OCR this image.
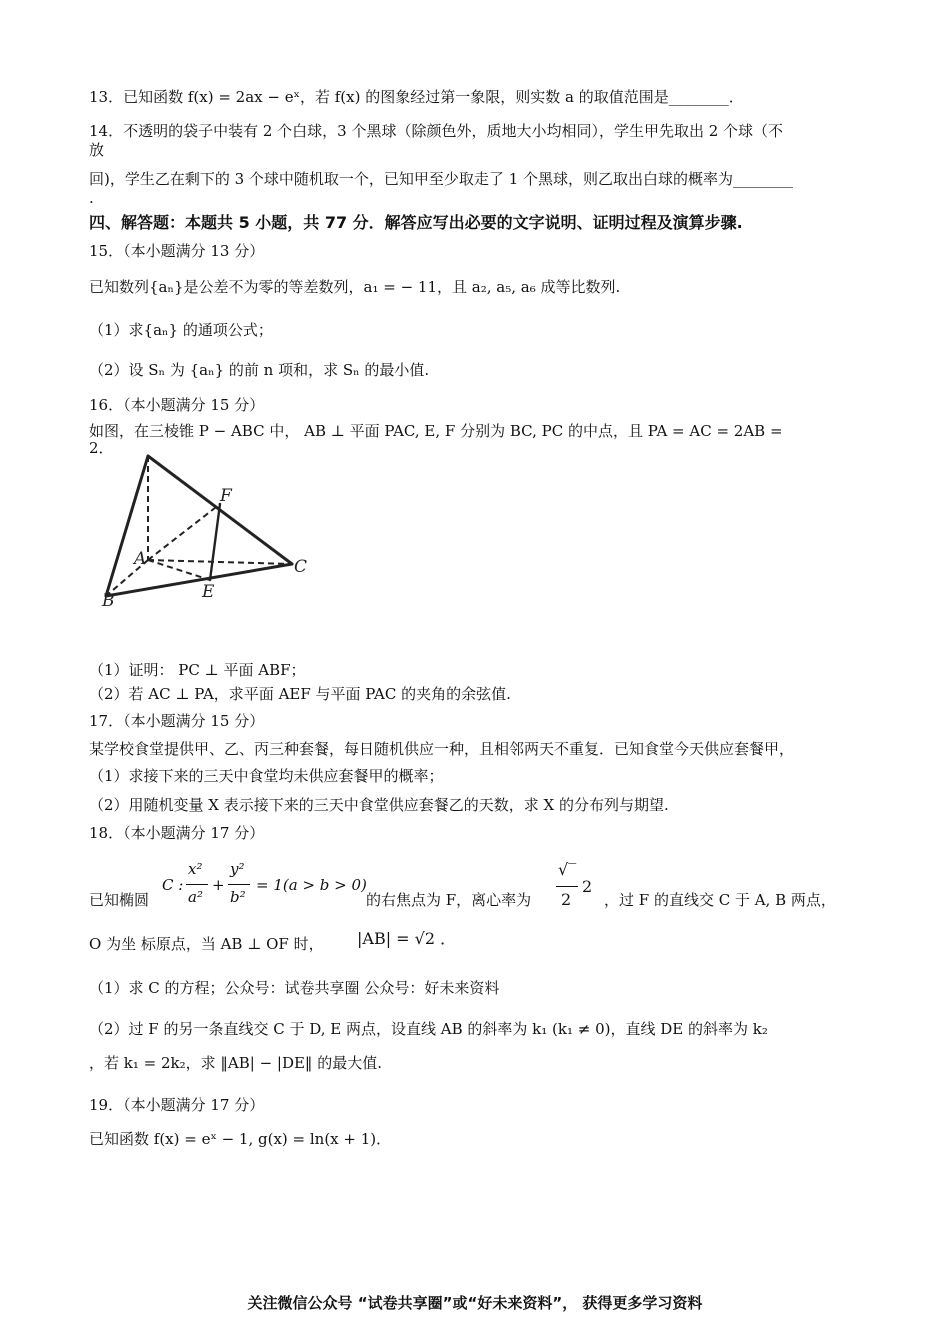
13．已知函数 f(x) = 2ax − eˣ，若 f(x) 的图象经过第一象限，则实数 a 的取值范围是________．
14．不透明的袋子中装有 2 个白球，3 个黑球（除颜色外，质地大小均相同），学生甲先取出 2 个球（不
放
回)，学生乙在剩下的 3 个球中随机取一个，已知甲至少取走了 1 个黑球，则乙取出白球的概率为________
.
四、解答题：本题共 5 小题，共 77 分．解答应写出必要的文字说明、证明过程及演算步骤.
15．（本小题满分 13 分）
已知数列{aₙ}是公差不为零的等差数列，a₁ = − 11，且 a₂, a₅, a₆ 成等比数列.
（1）求{aₙ} 的通项公式；
（2）设 Sₙ 为 {aₙ} 的前 n 项和，求 Sₙ 的最小值.
16．（本小题满分 15 分）
如图，在三棱锥 P − ABC 中， AB ⊥ 平面 PAC, E, F 分别为 BC, PC 的中点，且 PA = AC = 2AB =
2．
A
B
C
E
F
（1）证明： PC ⊥ 平面 ABF；
（2）若 AC ⊥ PA，求平面 AEF 与平面 PAC 的夹角的余弦值.
17．（本小题满分 15 分）
某学校食堂提供甲、乙、丙三种套餐，每日随机供应一种，且相邻两天不重复．已知食堂今天供应套餐甲，
（1）求接下来的三天中食堂均未供应套餐甲的概率；
（2）用随机变量 X 表示接下来的三天中食堂供应套餐乙的天数，求 X 的分布列与期望.
18．（本小题满分 17 分）
已知椭圆
C :
x²
a²
+
y²
b²
= 1(a > b > 0)
的右焦点为 F，离心率为
√‾
2
2
，过 F 的直线交 C 于 A, B 两点，
O 为坐 标原点，当 AB ⊥ OF 时， |AB| = √2 ．
（1）求 C 的方程；公众号：试卷共享圈 公众号：好未来资料
（2）过 F 的另一条直线交 C 于 D, E 两点，设直线 AB 的斜率为 k₁ (k₁ ≠ 0)，直线 DE 的斜率为 k₂
，若 k₁ = 2k₂，求 ‖AB| − |DE‖ 的最大值.
19．（本小题满分 17 分）
已知函数 f(x) = eˣ − 1, g(x) = ln(x + 1)．
关注微信公众号 “试卷共享圈”或“好未来资料”， 获得更多学习资料
